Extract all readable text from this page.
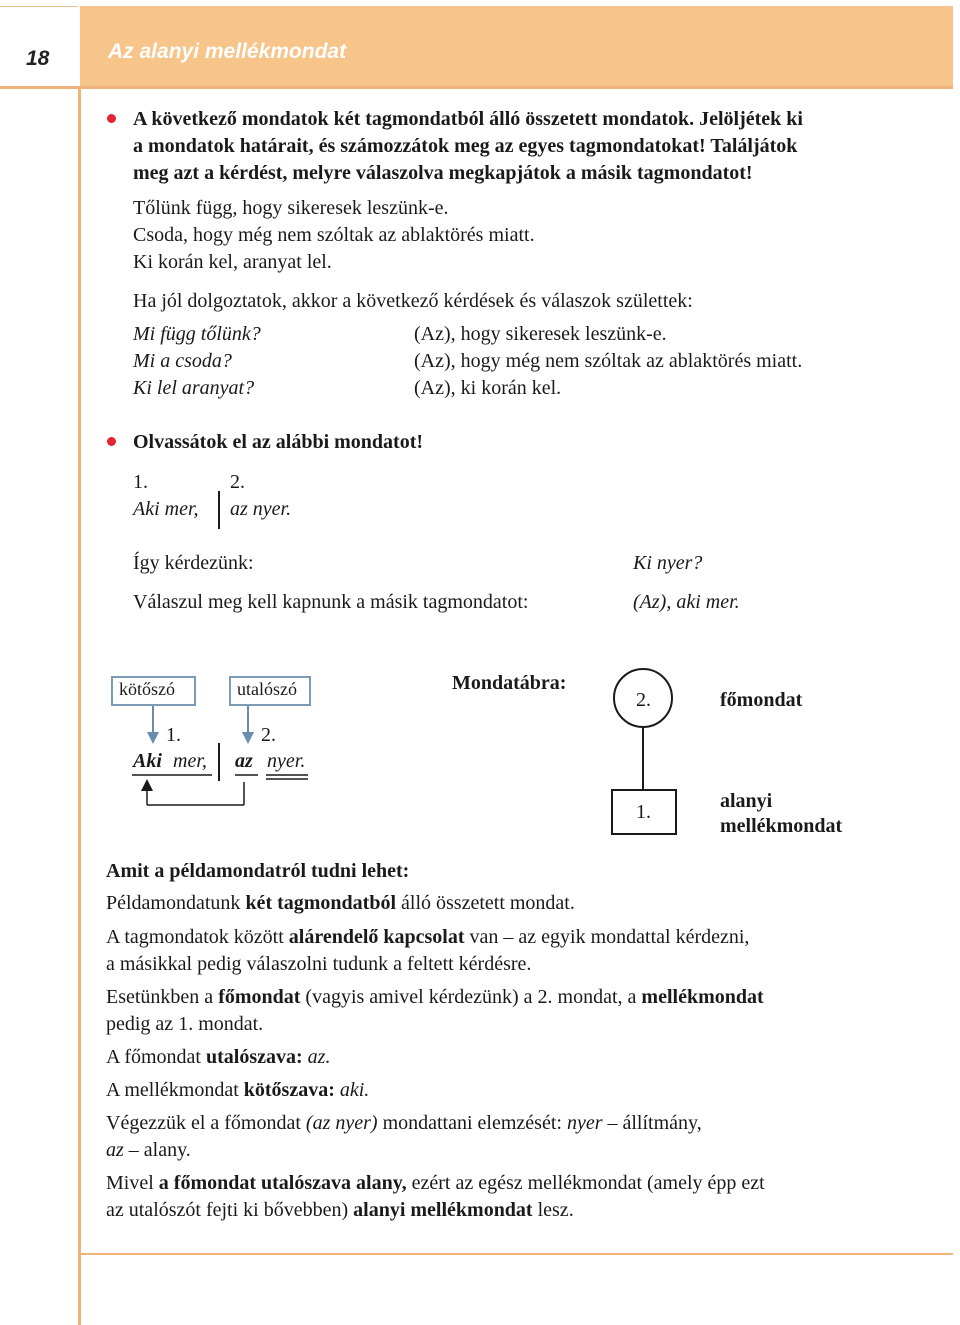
18	Az alanyi mellékmondat
A következő mondatok két tagmondatból álló összetett mondatok. Jelöljétek ki
a mondatok határait, és számozzátok meg az egyes tagmondatokat! Találjátok
meg azt a kérdést, melyre válaszolva megkapjátok a másik tagmondatot!
Tőlünk függ, hogy sikeresek leszünk-e.
Csoda, hogy még nem szóltak az ablaktörés miatt.
Ki korán kel, aranyat lel.
Ha jól dolgoztatok, akkor a következő kérdések és válaszok születtek:
Mi függ tőlünk?	(Az), hogy sikeresek leszünk-e.
Mi a csoda?	(Az), hogy még nem szóltak az ablaktörés miatt.
Ki lel aranyat?	(Az), ki korán kel.
Olvassátok el az alábbi mondatot!
1.	2.
Aki mer, az nyer.
Így kérdezünk:	Ki nyer?
Válaszul meg kell kapnunk a másik tagmondatot:	(Az), aki mer.
kötőszó	utalószó
1.	2.
Aki mer, az nyer.
Mondatábra:
2.
1.
főmondat
alanyi
mellékmondat
Amit a példamondatról tudni lehet:
Példamondatunk két tagmondatból álló összetett mondat.
A tagmondatok között alárendelő kapcsolat van – az egyik mondattal kérdezni,
a másikkal pedig válaszolni tudunk a feltett kérdésre.
Esetünkben a főmondat (vagyis amivel kérdezünk) a 2. mondat, a mellékmondat
pedig az 1. mondat.
A főmondat utalószava: az.
A mellékmondat kötőszava: aki.
Végezzük el a főmondat (az nyer) mondattani elemzését: nyer – állítmány,
az – alany.
Mivel a főmondat utalószava alany, ezért az egész mellékmondat (amely épp ezt
az utalószót fejti ki bővebben) alanyi mellékmondat lesz.
